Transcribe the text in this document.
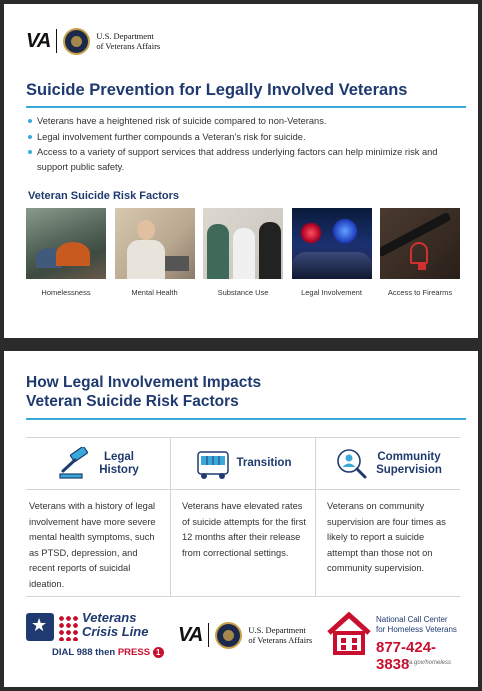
VA	U.S. Department
of Veterans Affairs
Suicide Prevention for Legally Involved Veterans
Veterans have a heightened risk of suicide compared to non-Veterans.
Legal involvement further compounds a Veteran’s risk for suicide.
Access to a variety of support services that address underlying factors can help minimize risk and support public safety.
Veteran Suicide Risk Factors
Homelessness	Mental Health	Substance Use	Legal Involvement	Access to Firearms
How Legal Involvement Impacts
Veteran Suicide Risk Factors
Legal
History
Veterans with a history of legal involvement have more severe mental health symptoms, such as PTSD, depression, and recent reports of suicidal ideation.
Transition
Veterans have elevated rates of suicide attempts for the first 12 months after their release from correctional settings.
Community
Supervision
Veterans on community supervision are four times as likely to report a suicide attempt than those not on community supervision.
★
Veterans
Crisis Line
DIAL 988 then PRESS 1
VA	U.S. Department
of Veterans Affairs
National Call Center
for Homeless Veterans
877-424-3838
va.gov/homeless
